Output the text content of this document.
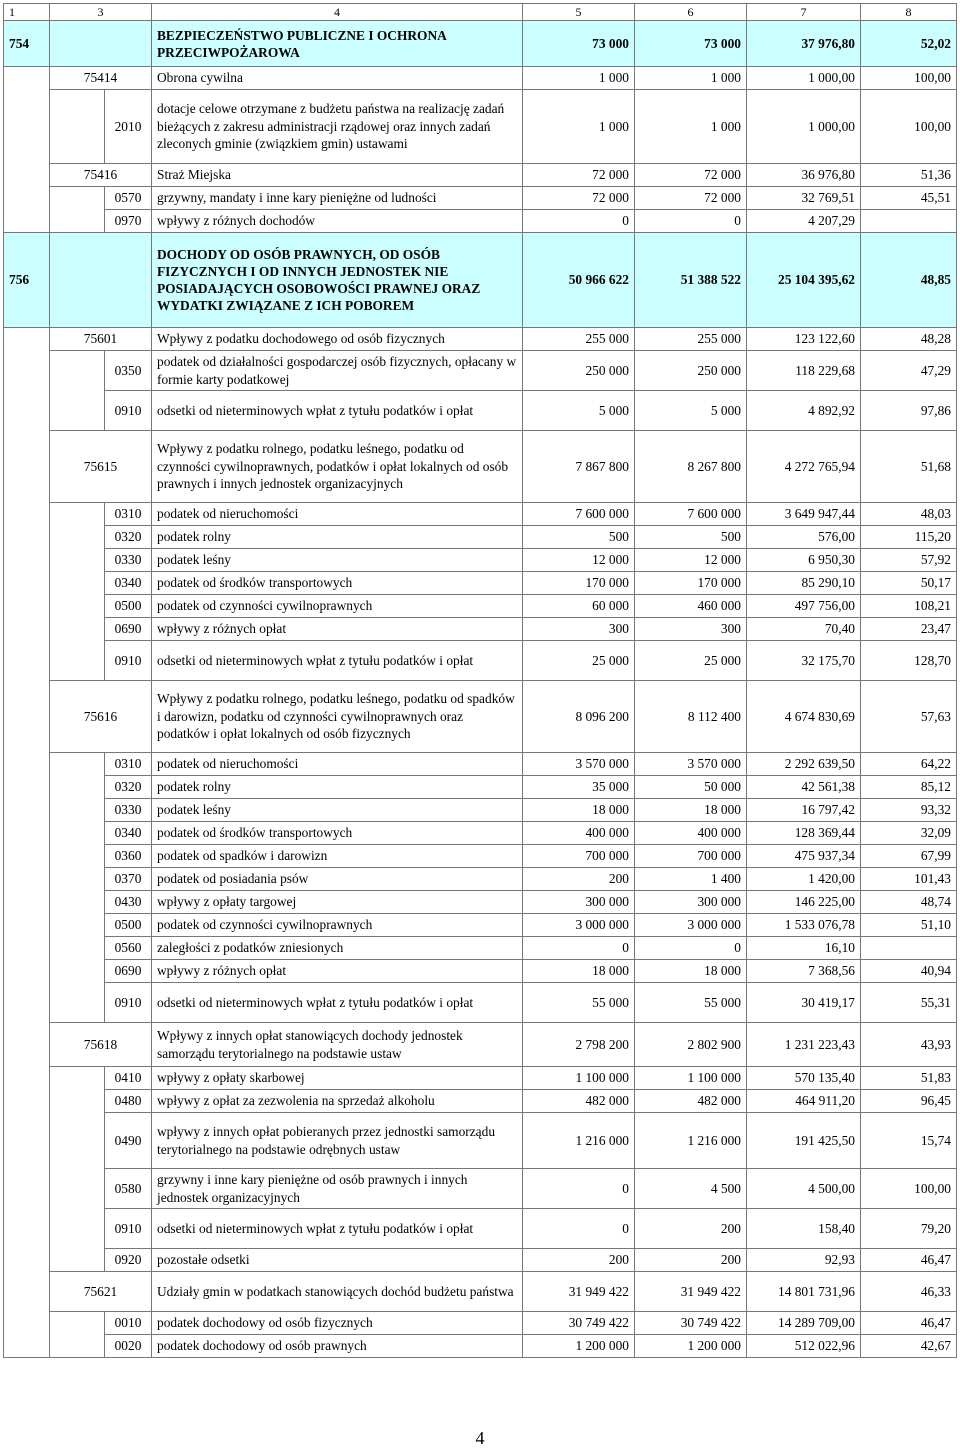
1	3		4	5	6	7	8
754			BEZPIECZEŃSTWO PUBLICZNE I OCHRONA PRZECIWPOŻAROWA	73 000	73 000	37 976,80	52,02
	75414		Obrona cywilna	1 000	1 000	1 000,00	100,00
		2010	dotacje celowe otrzymane z budżetu państwa na realizację zadań bieżących z zakresu administracji rządowej oraz innych zadań zleconych gminie (związkiem gmin) ustawami	1 000	1 000	1 000,00	100,00
	75416		Straż Miejska	72 000	72 000	36 976,80	51,36
		0570	grzywny, mandaty i inne kary pieniężne od ludności	72 000	72 000	32 769,51	45,51
		0970	wpływy z różnych dochodów	0	0	4 207,29	
756			DOCHODY OD OSÓB PRAWNYCH, OD OSÓB FIZYCZNYCH I OD INNYCH JEDNOSTEK NIE POSIADAJĄCYCH OSOBOWOŚCI PRAWNEJ ORAZ WYDATKI ZWIĄZANE Z ICH POBOREM	50 966 622	51 388 522	25 104 395,62	48,85
	75601		Wpływy z podatku dochodowego od osób fizycznych	255 000	255 000	123 122,60	48,28
		0350	podatek od działalności gospodarczej osób fizycznych, opłacany w formie karty podatkowej	250 000	250 000	118 229,68	47,29
		0910	odsetki od nieterminowych wpłat z tytułu podatków i opłat	5 000	5 000	4 892,92	97,86
	75615		Wpływy z podatku rolnego, podatku leśnego, podatku od czynności cywilnoprawnych, podatków i opłat lokalnych od osób prawnych i innych jednostek organizacyjnych	7 867 800	8 267 800	4 272 765,94	51,68
		0310	podatek od nieruchomości	7 600 000	7 600 000	3 649 947,44	48,03
		0320	podatek rolny	500	500	576,00	115,20
		0330	podatek leśny	12 000	12 000	6 950,30	57,92
		0340	podatek od środków transportowych	170 000	170 000	85 290,10	50,17
		0500	podatek od czynności cywilnoprawnych	60 000	460 000	497 756,00	108,21
		0690	wpływy z różnych opłat	300	300	70,40	23,47
		0910	odsetki od nieterminowych wpłat z tytułu podatków i opłat	25 000	25 000	32 175,70	128,70
	75616		Wpływy z podatku rolnego, podatku leśnego, podatku od spadków i darowizn, podatku od czynności cywilnoprawnych oraz podatków i opłat lokalnych od osób fizycznych	8 096 200	8 112 400	4 674 830,69	57,63
		0310	podatek od nieruchomości	3 570 000	3 570 000	2 292 639,50	64,22
		0320	podatek rolny	35 000	50 000	42 561,38	85,12
		0330	podatek leśny	18 000	18 000	16 797,42	93,32
		0340	podatek od środków transportowych	400 000	400 000	128 369,44	32,09
		0360	podatek od spadków i darowizn	700 000	700 000	475 937,34	67,99
		0370	podatek od posiadania psów	200	1 400	1 420,00	101,43
		0430	wpływy z opłaty targowej	300 000	300 000	146 225,00	48,74
		0500	podatek od czynności cywilnoprawnych	3 000 000	3 000 000	1 533 076,78	51,10
		0560	zaległości z podatków zniesionych	0	0	16,10	
		0690	wpływy z różnych opłat	18 000	18 000	7 368,56	40,94
		0910	odsetki od nieterminowych wpłat z tytułu podatków i opłat	55 000	55 000	30 419,17	55,31
	75618		Wpływy z innych opłat stanowiących dochody jednostek samorządu terytorialnego na podstawie ustaw	2 798 200	2 802 900	1 231 223,43	43,93
		0410	wpływy z opłaty skarbowej	1 100 000	1 100 000	570 135,40	51,83
		0480	wpływy z opłat za zezwolenia na sprzedaż alkoholu	482 000	482 000	464 911,20	96,45
		0490	wpływy z innych opłat pobieranych przez jednostki samorządu terytorialnego na podstawie odrębnych ustaw	1 216 000	1 216 000	191 425,50	15,74
		0580	grzywny i inne kary pieniężne od osób prawnych i innych jednostek organizacyjnych	0	4 500	4 500,00	100,00
		0910	odsetki od nieterminowych wpłat z tytułu podatków i opłat	0	200	158,40	79,20
		0920	pozostałe odsetki	200	200	92,93	46,47
	75621		Udziały gmin w podatkach stanowiących dochód budżetu państwa	31 949 422	31 949 422	14 801 731,96	46,33
		0010	podatek dochodowy od osób fizycznych	30 749 422	30 749 422	14 289 709,00	46,47
		0020	podatek dochodowy od osób prawnych	1 200 000	1 200 000	512 022,96	42,67
4
